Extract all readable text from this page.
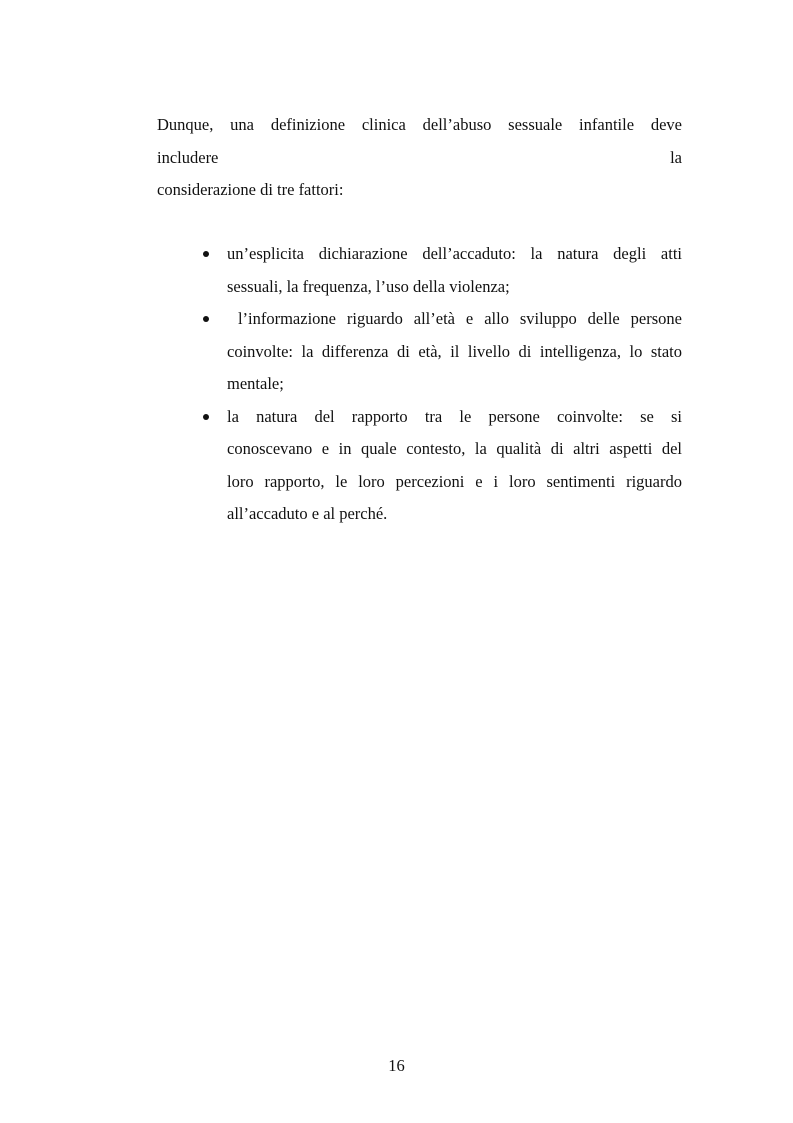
Dunque, una definizione clinica dell’abuso sessuale infantile deve
includere	la
considerazione di tre fattori:
un’esplicita dichiarazione dell’accaduto: la natura degli atti
sessuali, la frequenza, l’uso della violenza;
l’informazione riguardo all’età e allo sviluppo delle persone
coinvolte: la differenza di età, il livello di intelligenza, lo stato
mentale;
la natura del rapporto tra le persone coinvolte: se si
conoscevano e in quale contesto, la qualità di altri aspetti del
loro rapporto, le loro percezioni e i loro sentimenti riguardo
all’accaduto e al perché.
16
